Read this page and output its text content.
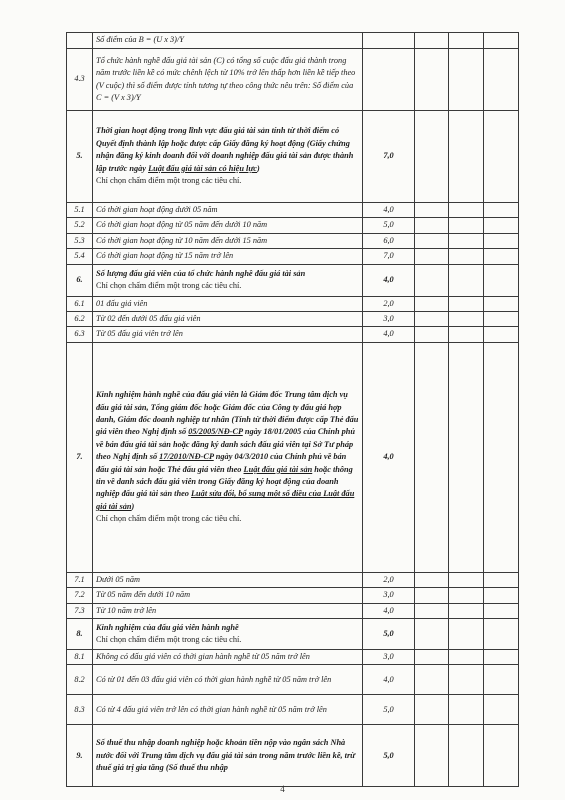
	Số điểm của B = (U x 3)/Y				
4.3	Tổ chức hành nghề đấu giá tài sản (C) có tổng số cuộc đấu giá thành trong năm trước liền kề có mức chênh lệch từ 10% trở lên thấp hơn liền kề tiếp theo (V cuộc) thì số điểm được tính tương tự theo công thức nêu trên: Số điểm của C = (V x 3)/Y				
5.	Thời gian hoạt động trong lĩnh vực đấu giá tài sản tính từ thời điểm có Quyết định thành lập hoặc được cấp Giấy đăng ký hoạt động (Giấy chứng nhận đăng ký kinh doanh đối với doanh nghiệp đấu giá tài sản được thành lập trước ngày Luật đấu giá tài sản có hiệu lực)
Chỉ chọn chấm điểm một trong các tiêu chí.	7,0			
5.1	Có thời gian hoạt động dưới 05 năm	4,0			
5.2	Có thời gian hoạt động từ 05 năm đến dưới 10 năm	5,0			
5.3	Có thời gian hoạt động từ 10 năm đến dưới 15 năm	6,0			
5.4	Có thời gian hoạt động từ 15 năm trở lên	7,0			
6.	Số lượng đấu giá viên của tổ chức hành nghề đấu giá tài sản
Chỉ chọn chấm điểm một trong các tiêu chí.	4,0			
6.1	01 đấu giá viên	2,0			
6.2	Từ 02 đến dưới 05 đấu giá viên	3,0			
6.3	Từ 05 đấu giá viên trở lên	4,0			
7.	Kinh nghiệm hành nghề của đấu giá viên là Giám đốc Trung tâm dịch vụ đấu giá tài sản, Tổng giám đốc hoặc Giám đốc của Công ty đấu giá hợp danh, Giám đốc doanh nghiệp tư nhân (Tính từ thời điểm được cấp Thẻ đấu giá viên theo Nghị định số 05/2005/NĐ-CP ngày 18/01/2005 của Chính phủ về bán đấu giá tài sản hoặc đăng ký danh sách đấu giá viên tại Sở Tư pháp theo Nghị định số 17/2010/NĐ-CP ngày 04/3/2010 của Chính phủ về bán đấu giá tài sản hoặc Thẻ đấu giá viên theo Luật đấu giá tài sản hoặc thông tin về danh sách đấu giá viên trong Giấy đăng ký hoạt động của doanh nghiệp đấu giá tài sản theo Luật sửa đổi, bổ sung một số điều của Luật đấu giá tài sản)
Chỉ chọn chấm điểm một trong các tiêu chí.	4,0			
7.1	Dưới 05 năm	2,0			
7.2	Từ 05 năm đến dưới 10 năm	3,0			
7.3	Từ 10 năm trở lên	4,0			
8.	Kinh nghiệm của đấu giá viên hành nghề
Chỉ chọn chấm điểm một trong các tiêu chí.	5,0			
8.1	Không có đấu giá viên có thời gian hành nghề từ 05 năm trở lên	3,0			
8.2	Có từ 01 đến 03 đấu giá viên có thời gian hành nghề từ 05 năm trở lên	4,0			
8.3	Có từ 4 đấu giá viên trở lên có thời gian hành nghề từ 05 năm trở lên	5,0			
9.	Số thuế thu nhập doanh nghiệp hoặc khoản tiền nộp vào ngân sách Nhà nước đối với Trung tâm dịch vụ đấu giá tài sản trong năm trước liền kề, trừ thuế giá trị gia tăng (Số thuế thu nhập	5,0			
4
